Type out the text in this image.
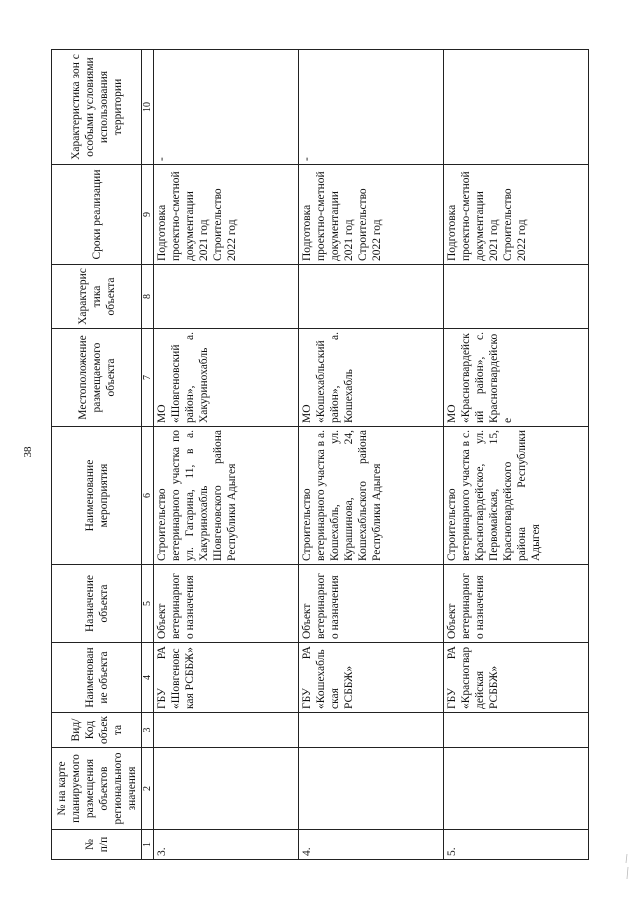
38
№ п/п	№ на карте планируемого размещения объектов регионального значения	Вид/ Код объекта	Наименование объекта	Назначение объекта	Наименование мероприятия	Местоположение размещаемого объекта	Характеристика объекта	Сроки реализации	Характеристика зон с особыми условиями использования территории
1	2	3	4	5	6	7	8	9	10
3.			ГБУ РА «Шовгеновская РСББЖ»	Объект ветеринарного назначения	Строительство ветеринарного участка по ул. Гагарина, 11, в а. Хакуринохабль Шовгеновского района Республики Адыгея	МО «Шовгеновский район», а. Хакуринохабль		Подготовка проектно-сметной документации 2021 год Строительство 2022 год	-
4.			ГБУ РА «Кошехабльская РСББЖ»	Объект ветеринарного назначения	Строительство ветеринарного участка в а. Кошехабль, ул. Курашинова, 24, Кошехабльского района Республики Адыгея	МО «Кошехабльский район», а. Кошехабль		Подготовка проектно-сметной документации 2021 год Строительство 2022 год	-
5.			ГБУ РА «Красногвардейская РСББЖ»	Объект ветеринарного назначения	Строительство ветеринарного участка в с. Красногвардейское, ул. Первомайская, 15, Красногвардейского района Республики Адыгея	МО «Красногвардейский район», с. Красногвардейское		Подготовка проектно-сметной документации 2021 год Строительство 2022 год	
